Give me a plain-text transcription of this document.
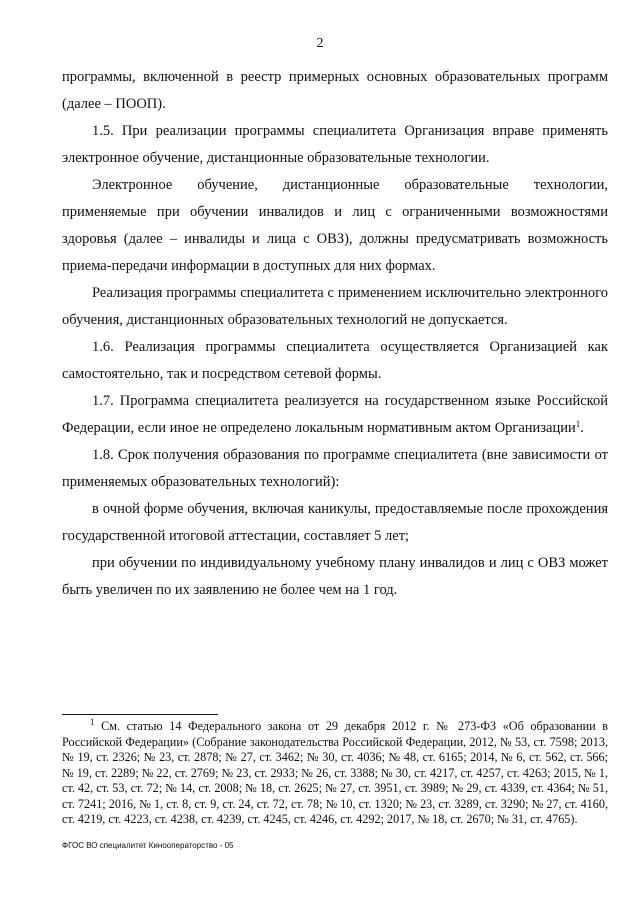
2

программы, включенной в реестр примерных основных образовательных программ (далее – ПООП).

1.5. При реализации программы специалитета Организация вправе применять электронное обучение, дистанционные образовательные технологии.

Электронное обучение, дистанционные образовательные технологии, применяемые при обучении инвалидов и лиц с ограниченными возможностями здоровья (далее – инвалиды и лица с ОВЗ), должны предусматривать возможность приема-передачи информации в доступных для них формах.

Реализация программы специалитета с применением исключительно электронного обучения, дистанционных образовательных технологий не допускается.

1.6. Реализация программы специалитета осуществляется Организацией как самостоятельно, так и посредством сетевой формы.

1.7. Программа специалитета реализуется на государственном языке Российской Федерации, если иное не определено локальным нормативным актом Организации$^1$.

1.8. Срок получения образования по программе специалитета (вне зависимости от применяемых образовательных технологий):

в очной форме обучения, включая каникулы, предоставляемые после прохождения государственной итоговой аттестации, составляет 5 лет;

при обучении по индивидуальному учебному плану инвалидов и лиц с ОВЗ может быть увеличен по их заявлению не более чем на 1 год.

$^1$ См. статью 14 Федерального закона от 29 декабря 2012 г. № 273-ФЗ «Об образовании в Российской Федерации» (Собрание законодательства Российской Федерации, 2012, № 53, ст. 7598; 2013, № 19, ст. 2326; № 23, ст. 2878; № 27, ст. 3462; № 30, ст. 4036; № 48, ст. 6165; 2014, № 6, ст. 562, ст. 566; № 19, ст. 2289; № 22, ст. 2769; № 23, ст. 2933; № 26, ст. 3388; № 30, ст. 4217, ст. 4257, ст. 4263; 2015, № 1, ст. 42, ст. 53, ст. 72; № 14, ст. 2008; № 18, ст. 2625; № 27, ст. 3951, ст. 3989; № 29, ст. 4339, ст. 4364; № 51, ст. 7241; 2016, № 1, ст. 8, ст. 9, ст. 24, ст. 72, ст. 78; № 10, ст. 1320; № 23, ст. 3289, ст. 3290; № 27, ст. 4160, ст. 4219, ст. 4223, ст. 4238, ст. 4239, ст. 4245, ст. 4246, ст. 4292; 2017, № 18, ст. 2670; № 31, ст. 4765).

ФГОС ВО специалитет Кинооператорство - 05
